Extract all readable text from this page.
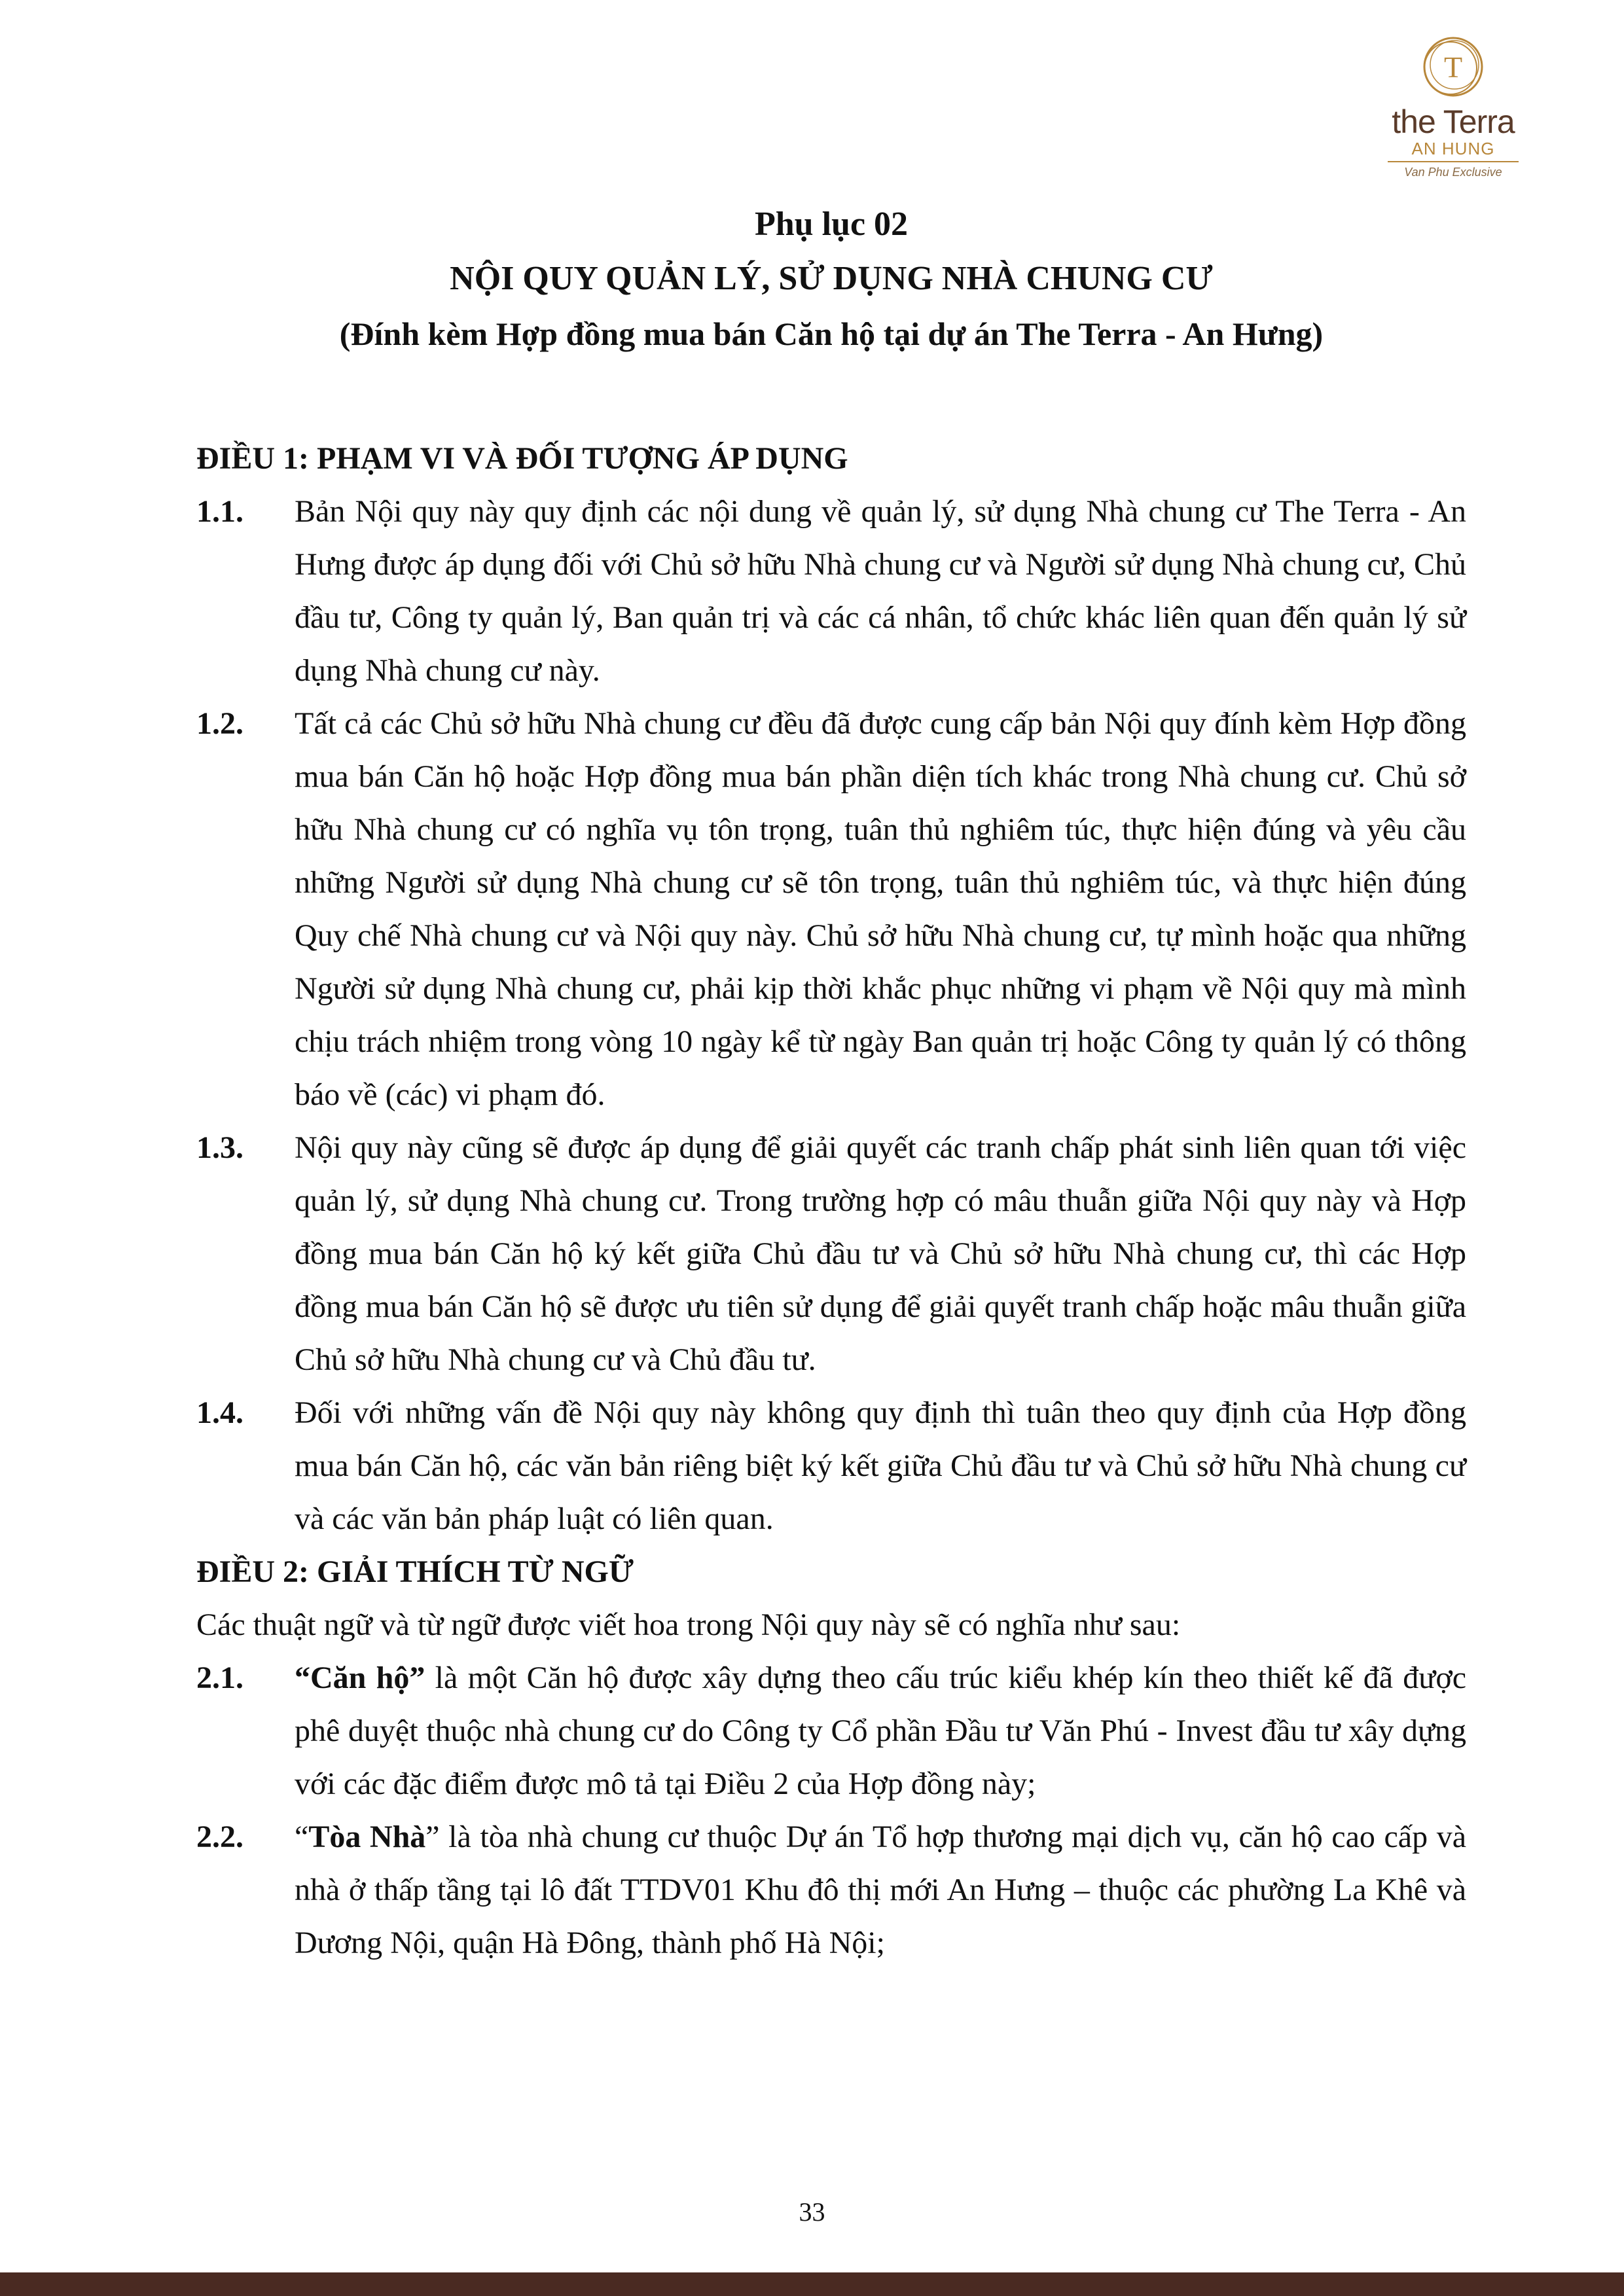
T
the Terra
AN HUNG
Van Phu Exclusive
Phụ lục 02
NỘI QUY QUẢN LÝ, SỬ DỤNG NHÀ CHUNG CƯ
(Đính kèm Hợp đồng mua bán Căn hộ tại dự án The Terra - An Hưng)
ĐIỀU 1: PHẠM VI VÀ ĐỐI TƯỢNG ÁP DỤNG
1.1.	Bản Nội quy này quy định các nội dung về quản lý, sử dụng Nhà chung cư The Terra - An Hưng được áp dụng đối với Chủ sở hữu Nhà chung cư và Người sử dụng Nhà chung cư, Chủ đầu tư, Công ty quản lý, Ban quản trị và các cá nhân, tổ chức khác liên quan đến quản lý sử dụng Nhà chung cư này.
1.2.	Tất cả các Chủ sở hữu Nhà chung cư đều đã được cung cấp bản Nội quy đính kèm Hợp đồng mua bán Căn hộ hoặc Hợp đồng mua bán phần diện tích khác trong Nhà chung cư. Chủ sở hữu Nhà chung cư có nghĩa vụ tôn trọng, tuân thủ nghiêm túc, thực hiện đúng và yêu cầu những Người sử dụng Nhà chung cư sẽ tôn trọng, tuân thủ nghiêm túc, và thực hiện đúng Quy chế Nhà chung cư và Nội quy này. Chủ sở hữu Nhà chung cư, tự mình hoặc qua những Người sử dụng Nhà chung cư, phải kịp thời khắc phục những vi phạm về Nội quy mà mình chịu trách nhiệm trong vòng 10 ngày kể từ ngày Ban quản trị hoặc Công ty quản lý có thông báo về (các) vi phạm đó.
1.3.	Nội quy này cũng sẽ được áp dụng để giải quyết các tranh chấp phát sinh liên quan tới việc quản lý, sử dụng Nhà chung cư. Trong trường hợp có mâu thuẫn giữa Nội quy này và Hợp đồng mua bán Căn hộ ký kết giữa Chủ đầu tư và Chủ sở hữu Nhà chung cư, thì các Hợp đồng mua bán Căn hộ sẽ được ưu tiên sử dụng để giải quyết tranh chấp hoặc mâu thuẫn giữa Chủ sở hữu Nhà chung cư và Chủ đầu tư.
1.4.	Đối với những vấn đề Nội quy này không quy định thì tuân theo quy định của Hợp đồng mua bán Căn hộ, các văn bản riêng biệt ký kết giữa Chủ đầu tư và Chủ sở hữu Nhà chung cư và các văn bản pháp luật có liên quan.
ĐIỀU 2: GIẢI THÍCH TỪ NGỮ
Các thuật ngữ và từ ngữ được viết hoa trong Nội quy này sẽ có nghĩa như sau:
2.1.	“Căn hộ” là một Căn hộ được xây dựng theo cấu trúc kiểu khép kín theo thiết kế đã được phê duyệt thuộc nhà chung cư do Công ty Cổ phần Đầu tư Văn Phú - Invest đầu tư xây dựng với các đặc điểm được mô tả tại Điều 2 của Hợp đồng này;
2.2.	“Tòa Nhà” là tòa nhà chung cư thuộc Dự án Tổ hợp thương mại dịch vụ, căn hộ cao cấp và nhà ở thấp tầng tại lô đất TTDV01 Khu đô thị mới An Hưng – thuộc các phường La Khê và Dương Nội, quận Hà Đông, thành phố Hà Nội;
33
